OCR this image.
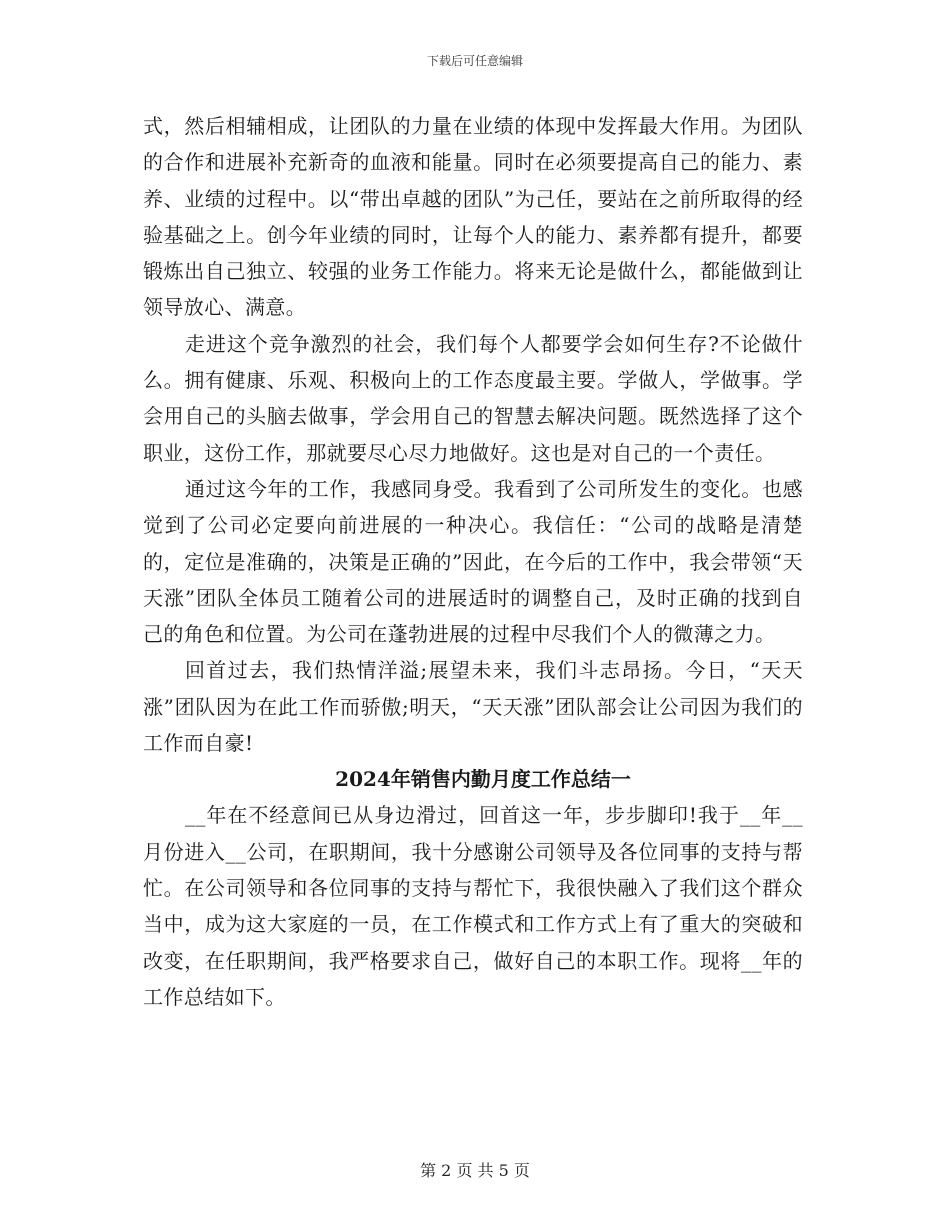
下载后可任意编辑

式，然后相辅相成，让团队的力量在业绩的体现中发挥最大作用。为团队的合作和进展补充新奇的血液和能量。同时在必须要提高自己的能力、素养、业绩的过程中。以“带出卓越的团队”为己任，要站在之前所取得的经验基础之上。创今年业绩的同时，让每个人的能力、素养都有提升，都要锻炼出自己独立、较强的业务工作能力。将来无论是做什么，都能做到让领导放心、满意。

走进这个竞争激烈的社会，我们每个人都要学会如何生存?不论做什么。拥有健康、乐观、积极向上的工作态度最主要。学做人，学做事。学会用自己的头脑去做事，学会用自己的智慧去解决问题。既然选择了这个职业，这份工作，那就要尽心尽力地做好。这也是对自己的一个责任。

通过这今年的工作，我感同身受。我看到了公司所发生的变化。也感觉到了公司必定要向前进展的一种决心。我信任：“公司的战略是清楚的，定位是准确的，决策是正确的”因此，在今后的工作中，我会带领“天天涨”团队全体员工随着公司的进展适时的调整自己，及时正确的找到自己的角色和位置。为公司在蓬勃进展的过程中尽我们个人的微薄之力。

回首过去，我们热情洋溢;展望未来，我们斗志昂扬。今日，“天天涨”团队因为在此工作而骄傲;明天，“天天涨”团队部会让公司因为我们的工作而自豪!

2024年销售内勤月度工作总结一

__年在不经意间已从身边滑过，回首这一年，步步脚印!我于__年__月份进入__公司，在职期间，我十分感谢公司领导及各位同事的支持与帮忙。在公司领导和各位同事的支持与帮忙下，我很快融入了我们这个群众当中，成为这大家庭的一员，在工作模式和工作方式上有了重大的突破和改变，在任职期间，我严格要求自己，做好自己的本职工作。现将__年的工作总结如下。

第 2 页 共 5 页
